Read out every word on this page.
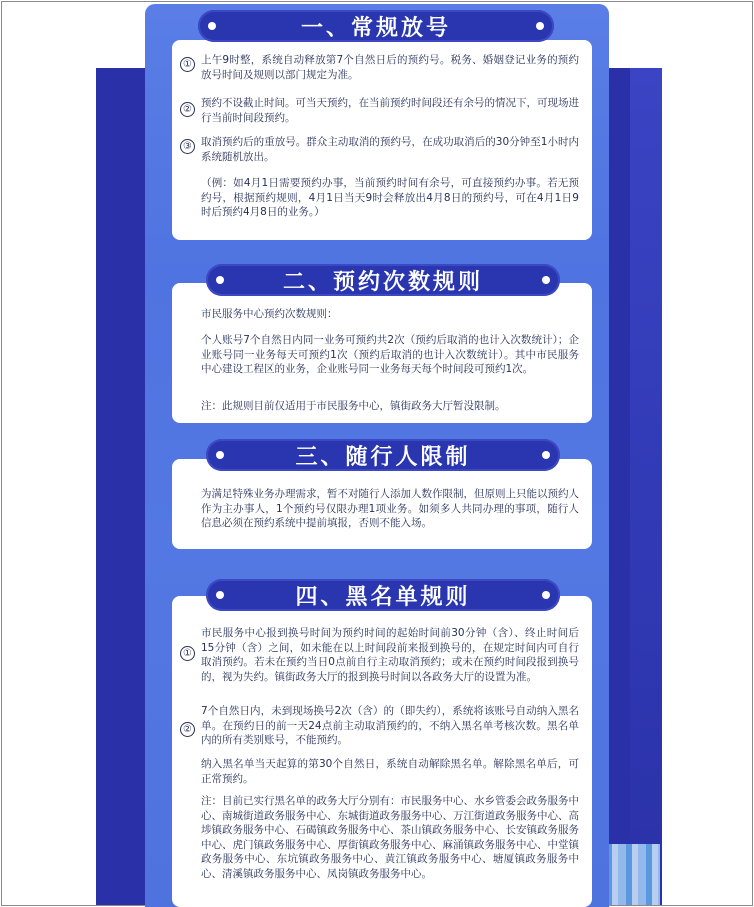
一、常规放号
① 上午9时整，系统自动释放第7个自然日后的预约号。税务、婚姻登记业务的预约放号时间及规则以部门规定为准。
②
预约不设截止时间。可当天预约，在当前预约时间段还有余号的情况下，可现场进行当前时间段预约。
③ 取消预约后的重放号。群众主动取消的预约号，在成功取消后的30分钟至1小时内系统随机放出。
（例：如4月1日需要预约办事，当前预约时间有余号，可直接预约办事。若无预约号，根据预约规则，4月1日当天9时会释放出4月8日的预约号，可在4月1日9时后预约4月8日的业务。）
二、预约次数规则
市民服务中心预约次数规则：
个人账号7个自然日内同一业务可预约共2次（预约后取消的也计入次数统计）；企业账号同一业务每天可预约1次（预约后取消的也计入次数统计）。其中市民服务中心建设工程区的业务，企业账号同一业务每天每个时间段可预约1次。
注：此规则目前仅适用于市民服务中心，镇街政务大厅暂没限制。
三、随行人限制
为满足特殊业务办理需求，暂不对随行人添加人数作限制，但原则上只能以预约人作为主办事人，1个预约号仅限办理1项业务。如须多人共同办理的事项，随行人信息必须在预约系统中提前填报，否则不能入场。
四、黑名单规则
①
市民服务中心报到换号时间为预约时间的起始时间前30分钟（含）、终止时间后15分钟（含）之间，如未能在以上时间段前来报到换号的，在规定时间内可自行取消预约。若未在预约当日0点前自行主动取消预约；或未在预约时间段报到换号的，视为失约。镇街政务大厅的报到换号时间以各政务大厅的设置为准。
②
7个自然日内，未到现场换号2次（含）的（即失约），系统将该账号自动纳入黑名单。在预约日的前一天24点前主动取消预约的，不纳入黑名单考核次数。黑名单内的所有类别账号，不能预约。
纳入黑名单当天起算的第30个自然日，系统自动解除黑名单。解除黑名单后，可正常预约。
注：目前已实行黑名单的政务大厅分别有：市民服务中心、水乡管委会政务服务中心、南城街道政务服务中心、东城街道政务服务中心、万江街道政务服务中心、高埗镇政务服务中心、石碣镇政务服务中心、茶山镇政务服务中心、长安镇政务服务中心、虎门镇政务服务中心、厚街镇政务服务中心、麻涌镇政务服务中心、中堂镇政务服务中心、东坑镇政务服务中心、黄江镇政务服务中心、塘厦镇政务服务中心、清溪镇政务服务中心、凤岗镇政务服务中心。
